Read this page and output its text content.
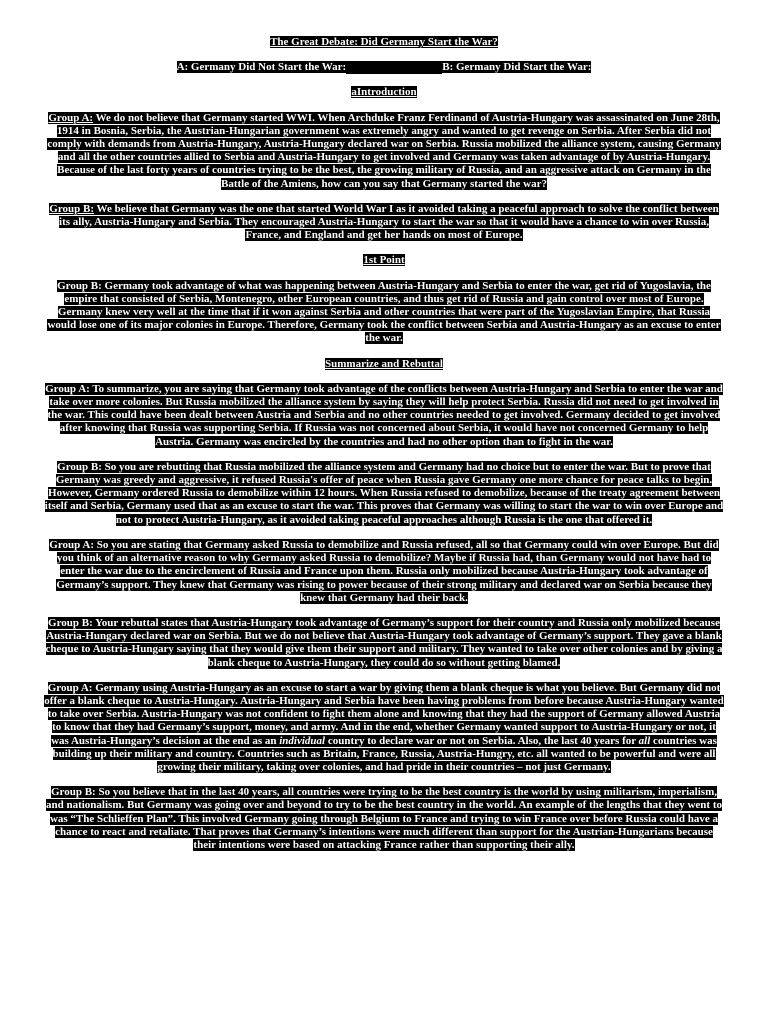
The Great Debate: Did Germany Start the War?
A: Germany Did Not Start the War:	B: Germany Did Start the War:
aIntroduction
Group A: We do not believe that Germany started WWI. When Archduke Franz Ferdinand of Austria-Hungary was assassinated on June 28th, 1914 in Bosnia, Serbia, the Austrian-Hungarian government was extremely angry and wanted to get revenge on Serbia. After Serbia did not comply with demands from Austria-Hungary, Austria-Hungary declared war on Serbia. Russia mobilized the alliance system, causing Germany and all the other countries allied to Serbia and Austria-Hungary to get involved and Germany was taken advantage of by Austria-Hungary. Because of the last forty years of countries trying to be the best, the growing military of Russia, and an aggressive attack on Germany in the Battle of the Amiens, how can you say that Germany started the war?
Group B: We believe that Germany was the one that started World War I as it avoided taking a peaceful approach to solve the conflict between its ally, Austria-Hungary and Serbia. They encouraged Austria-Hungary to start the war so that it would have a chance to win over Russia, France, and England and get her hands on most of Europe.
1st Point
Group B: Germany took advantage of what was happening between Austria-Hungary and Serbia to enter the war, get rid of Yugoslavia, the empire that consisted of Serbia, Montenegro, other European countries, and thus get rid of Russia and gain control over most of Europe. Germany knew very well at the time that if it won against Serbia and other countries that were part of the Yugoslavian Empire, that Russia would lose one of its major colonies in Europe. Therefore, Germany took the conflict between Serbia and Austria-Hungary as an excuse to enter the war.
Summarize and Rebuttal
Group A: To summarize, you are saying that Germany took advantage of the conflicts between Austria-Hungary and Serbia to enter the war and take over more colonies. But Russia mobilized the alliance system by saying they will help protect Serbia. Russia did not need to get involved in the war. This could have been dealt between Austria and Serbia and no other countries needed to get involved. Germany decided to get involved after knowing that Russia was supporting Serbia. If Russia was not concerned about Serbia, it would have not concerned Germany to help Austria. Germany was encircled by the countries and had no other option than to fight in the war.
Group B: So you are rebutting that Russia mobilized the alliance system and Germany had no choice but to enter the war. But to prove that Germany was greedy and aggressive, it refused Russia's offer of peace when Russia gave Germany one more chance for peace talks to begin. However, Germany ordered Russia to demobilize within 12 hours. When Russia refused to demobilize, because of the treaty agreement between itself and Serbia, Germany used that as an excuse to start the war. This proves that Germany was willing to start the war to win over Europe and not to protect Austria-Hungary, as it avoided taking peaceful approaches although Russia is the one that offered it.
Group A: So you are stating that Germany asked Russia to demobilize and Russia refused, all so that Germany could win over Europe. But did you think of an alternative reason to why Germany asked Russia to demobilize? Maybe if Russia had, than Germany would not have had to enter the war due to the encirclement of Russia and France upon them. Russia only mobilized because Austria-Hungary took advantage of Germany’s support. They knew that Germany was rising to power because of their strong military and declared war on Serbia because they knew that Germany had their back.
Group B: Your rebuttal states that Austria-Hungary took advantage of Germany’s support for their country and Russia only mobilized because Austria-Hungary declared war on Serbia. But we do not believe that Austria-Hungary took advantage of Germany’s support. They gave a blank cheque to Austria-Hungary saying that they would give them their support and military. They wanted to take over other colonies and by giving a blank cheque to Austria-Hungary, they could do so without getting blamed.
Group A: Germany using Austria-Hungary as an excuse to start a war by giving them a blank cheque is what you believe. But Germany did not offer a blank cheque to Austria-Hungary. Austria-Hungary and Serbia have been having problems from before because Austria-Hungary wanted to take over Serbia. Austria-Hungary was not confident to fight them alone and knowing that they had the support of Germany allowed Austria to know that they had Germany’s support, money, and army. And in the end, whether Germany wanted support to Austria-Hungary or not, it was Austria-Hungary’s decision at the end as an individual country to declare war or not on Serbia. Also, the last 40 years for all countries was building up their military and country. Countries such as Britain, France, Russia, Austria-Hungry, etc. all wanted to be powerful and were all growing their military, taking over colonies, and had pride in their countries – not just Germany.
Group B: So you believe that in the last 40 years, all countries were trying to be the best country is the world by using militarism, imperialism, and nationalism. But Germany was going over and beyond to try to be the best country in the world. An example of the lengths that they went to was “The Schlieffen Plan”. This involved Germany going through Belgium to France and trying to win France over before Russia could have a chance to react and retaliate. That proves that Germany’s intentions were much different than support for the Austrian-Hungarians because their intentions were based on attacking France rather than supporting their ally.
